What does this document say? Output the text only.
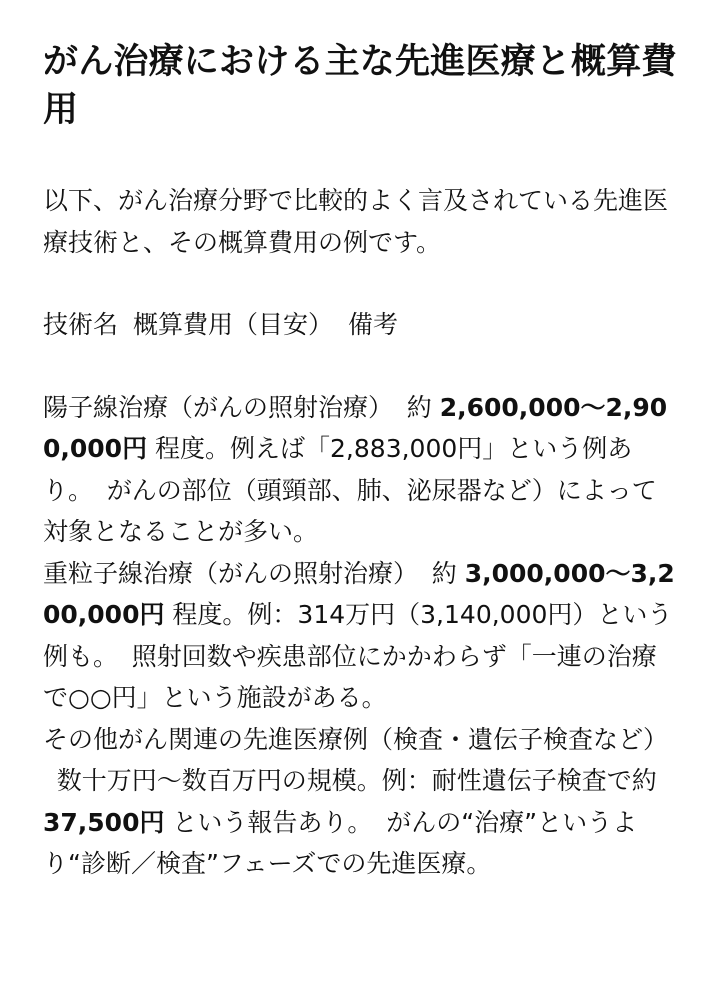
がん治療における主な先進医療と概算費用

以下、がん治療分野で比較的よく言及されている先進医療技術と、その概算費用の例です。

技術名 概算費用（目安） 備考

陽子線治療（がんの照射治療） 約 2,600,000〜2,900,000円 程度。例えば「2,883,000円」という例あり。 がんの部位（頭頸部、肺、泌尿器など）によって対象となることが多い。

重粒子線治療（がんの照射治療） 約 3,000,000〜3,200,000円 程度。例：314万円（3,140,000円）という例も。 照射回数や疾患部位にかかわらず「一連の治療で○○円」という施設がある。

その他がん関連の先進医療例（検査・遺伝子検査など）数十万円〜数百万円の規模。例：耐性遺伝子検査で約 37,500円 という報告あり。 がんの“治療”というより“診断／検査”フェーズでの先進医療。
